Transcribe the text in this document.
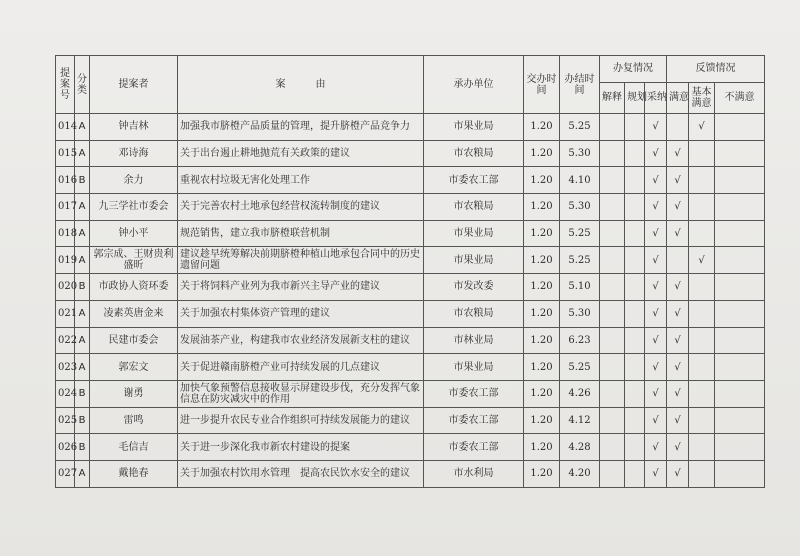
提案号	分类	提案者	案　　　由	承办单位	交办时间	办结时间	办复情况			反馈情况		
							解释	规划	采纳	满意	基本满意	不满意
014	A	钟吉林	加强我市脐橙产品质量的管理，提升脐橙产品竞争力	市果业局	1.20	5.25			√		√	
015	A	邓诗海	关于出台遏止耕地抛荒有关政策的建议	市农粮局	1.20	5.30			√	√		
016	B	余力	重视农村垃圾无害化处理工作	市委农工部	1.20	4.10			√	√		
017	A	九三学社市委会	关于完善农村土地承包经营权流转制度的建议	市农粮局	1.20	5.30			√	√		
018	A	钟小平	规范销售，建立我市脐橙联营机制	市果业局	1.20	5.25			√	√		
019	A	郭宗成、王财贵利盛昕	建议趁早统筹解决前期脐橙种植山地承包合同中的历史遗留问题	市果业局	1.20	5.25			√		√	
020	B	市政协人资环委	关于将饲料产业列为我市新兴主导产业的建议	市发改委	1.20	5.10			√	√		
021	A	凌素英唐金来	关于加强农村集体资产管理的建议	市农粮局	1.20	5.30			√	√		
022	A	民建市委会	发展油茶产业，构建我市农业经济发展新支柱的建议	市林业局	1.20	6.23			√	√		
023	A	郭宏文	关于促进赣南脐橙产业可持续发展的几点建议	市果业局	1.20	5.25			√	√		
024	B	谢勇	加快气象预警信息接收显示屏建设步伐，充分发挥气象信息在防灾减灾中的作用	市委农工部	1.20	4.26			√	√		
025	B	雷鸣	进一步提升农民专业合作组织可持续发展能力的建议	市委农工部	1.20	4.12			√	√		
026	B	毛信吉	关于进一步深化我市新农村建设的提案	市委农工部	1.20	4.28			√	√		
027	A	戴艳春	关于加强农村饮用水管理　提高农民饮水安全的建议	市水利局	1.20	4.20			√	√		
